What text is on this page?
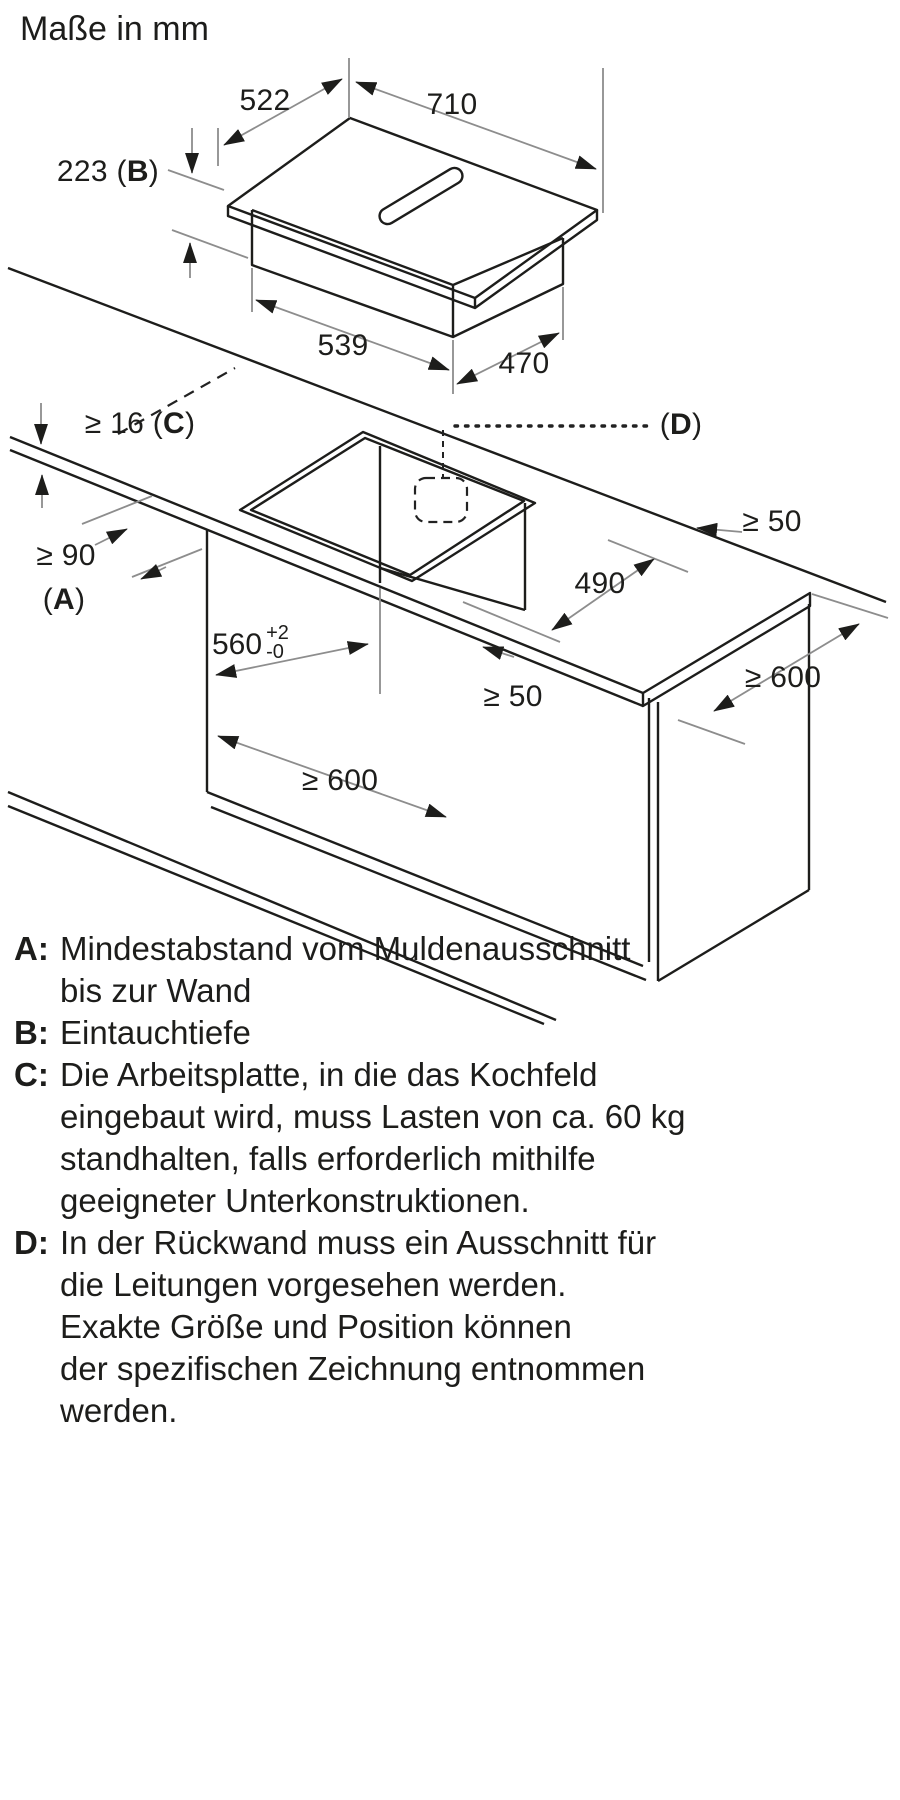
Maße in mm
522	710
223 (B)
539
470
≥ 16 (C)	(D)
≥ 50
≥ 90
(A)	490
560 +2
-0
≥ 50
≥ 600
≥ 600
A: Mindestabstand vom Muldenausschnitt
bis zur Wand
B: Eintauchtiefe
C: Die Arbeitsplatte, in die das Kochfeld
eingebaut wird, muss Lasten von ca. 60 kg
standhalten, falls erforderlich mithilfe
geeigneter Unterkonstruktionen.
D: In der Rückwand muss ein Ausschnitt für
die Leitungen vorgesehen werden.
Exakte Größe und Position können
der spezifischen Zeichnung entnommen
werden.
